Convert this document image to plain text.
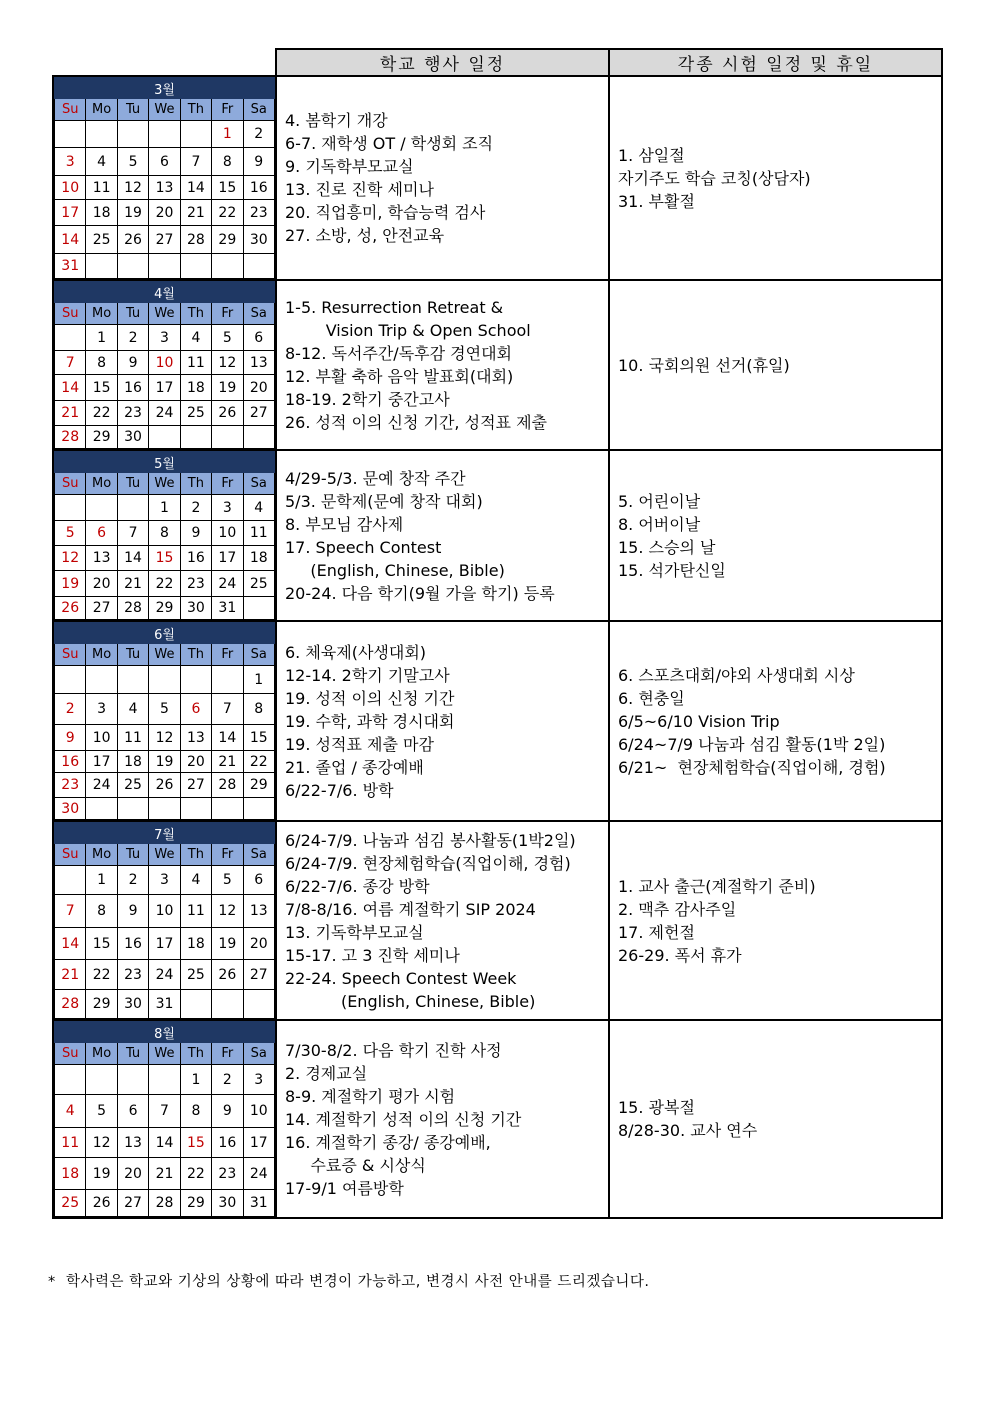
	학교 행사 일정	각종 시험 일정 및 휴일

3월
Su	Mo	Tu	We	Th	Fr	Sa
					1	2
3	4	5	6	7	8	9
10	11	12	13	14	15	16
17	18	19	20	21	22	23
14	25	26	27	28	29	30
31						

4. 봄학기 개강
6-7. 재학생 OT / 학생회 조직
9. 기독학부모교실
13. 진로 진학 세미나
20. 직업흥미, 학습능력 검사
27. 소방, 성, 안전교육

1. 삼일절
자기주도 학습 코칭(상담자)
31. 부활절

4월
Su	Mo	Tu	We	Th	Fr	Sa
	1	2	3	4	5	6
7	8	9	10	11	12	13
14	15	16	17	18	19	20
21	22	23	24	25	26	27
28	29	30				

1-5. Resurrection Retreat &
Vision Trip & Open School
8-12. 독서주간/독후감 경연대회
12. 부활 축하 음악 발표회(대회)
18-19. 2학기 중간고사
26. 성적 이의 신청 기간, 성적표 제출

10. 국회의원 선거(휴일)

5월
Su	Mo	Tu	We	Th	Fr	Sa
			1	2	3	4
5	6	7	8	9	10	11
12	13	14	15	16	17	18
19	20	21	22	23	24	25
26	27	28	29	30	31	

4/29-5/3. 문예 창작 주간
5/3. 문학제(문예 창작 대회)
8. 부모님 감사제
17. Speech Contest
(English, Chinese, Bible)
20-24. 다음 학기(9월 가을 학기) 등록

5. 어린이날
8. 어버이날
15. 스승의 날
15. 석가탄신일

6월
Su	Mo	Tu	We	Th	Fr	Sa
						1
2	3	4	5	6	7	8
9	10	11	12	13	14	15
16	17	18	19	20	21	22
23	24	25	26	27	28	29
30						

6. 체육제(사생대회)
12-14. 2학기 기말고사
19. 성적 이의 신청 기간
19. 수학, 과학 경시대회
19. 성적표 제출 마감
21. 졸업 / 종강예배
6/22-7/6. 방학

6. 스포츠대회/야외 사생대회 시상
6. 현충일
6/5~6/10 Vision Trip
6/24~7/9 나눔과 섬김 활동(1박 2일)
6/21~  현장체험학습(직업이해, 경험)

7월
Su	Mo	Tu	We	Th	Fr	Sa
	1	2	3	4	5	6
7	8	9	10	11	12	13
14	15	16	17	18	19	20
21	22	23	24	25	26	27
28	29	30	31			

6/24-7/9. 나눔과 섬김 봉사활동(1박2일)
6/24-7/9. 현장체험학습(직업이해, 경험)
6/22-7/6. 종강 방학
7/8-8/16. 여름 계절학기 SIP 2024
13. 기독학부모교실
15-17. 고 3 진학 세미나
22-24. Speech Contest Week
(English, Chinese, Bible)

1. 교사 출근(계절학기 준비)
2. 맥추 감사주일
17. 제헌절
26-29. 폭서 휴가

8월
Su	Mo	Tu	We	Th	Fr	Sa
				1	2	3
4	5	6	7	8	9	10
11	12	13	14	15	16	17
18	19	20	21	22	23	24
25	26	27	28	29	30	31

7/30-8/2. 다음 학기 진학 사정
2. 경제교실
8-9. 계절학기 평가 시험
14. 계절학기 성적 이의 신청 기간
16. 계절학기 종강/ 종강예배,
수료증 & 시상식
17-9/1 여름방학

15. 광복절
8/28-30. 교사 연수
*  학사력은 학교와 기상의 상황에 따라 변경이 가능하고, 변경시 사전 안내를 드리겠습니다.
